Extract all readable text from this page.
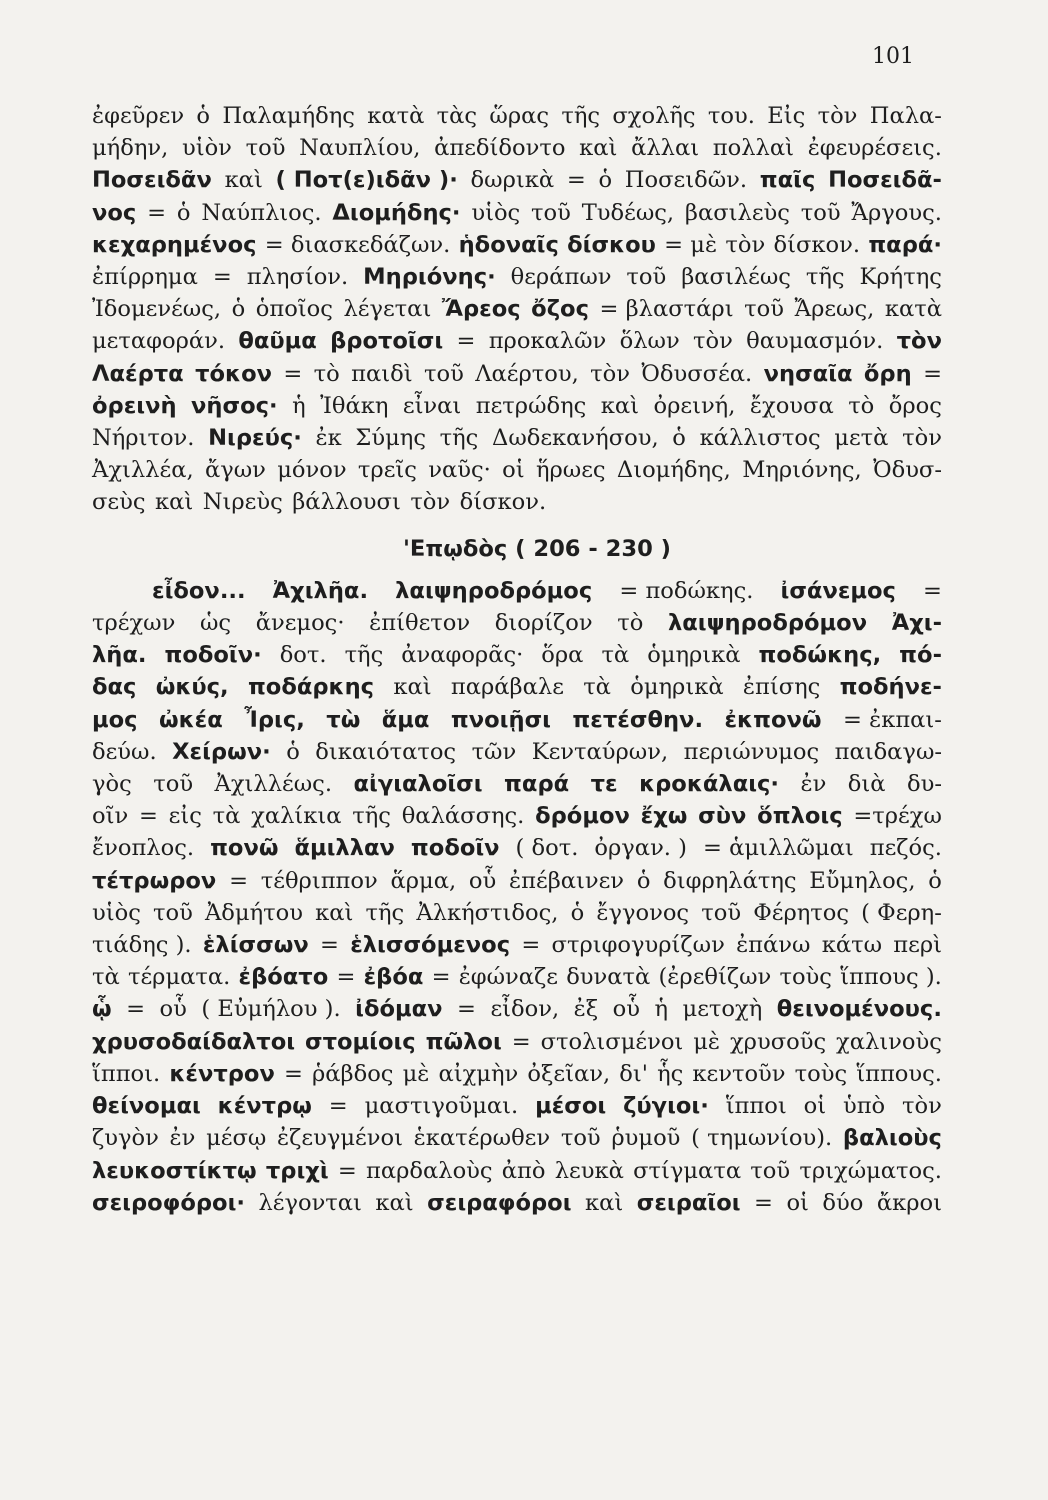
101
ἐφεῦρεν ὁ Παλαμήδης κατὰ τὰς ὥρας τῆς σχολῆς του. Εἰς τὸν Παλα-
μήδην, υἱὸν τοῦ Ναυπλίου, ἀπεδίδοντο καὶ ἄλλαι πολλαὶ ἐφευρέσεις.
Ποσειδᾶν καὶ ( Ποτ(ε)ιδᾶν )· δωρικὰ = ὁ Ποσειδῶν. παῖς Ποσειδᾶ-
νος = ὁ Ναύπλιος. Διομήδης· υἱὸς τοῦ Τυδέως, βασιλεὺς τοῦ Ἄργους.
κεχαρημένος = διασκεδάζων. ἡδοναῖς δίσκου = μὲ τὸν δίσκον. παρά·
ἐπίρρημα = πλησίον. Μηριόνης· θεράπων τοῦ βασιλέως τῆς Κρήτης
Ἰδομενέως, ὁ ὁποῖος λέγεται Ἄρεος ὄζος = βλαστάρι τοῦ Ἄρεως, κατὰ
μεταφοράν. θαῦμα βροτοῖσι = προκαλῶν ὅλων τὸν θαυμασμόν. τὸν
Λαέρτα τόκον = τὸ παιδὶ τοῦ Λαέρτου, τὸν Ὀδυσσέα. νησαῖα ὄρη =
ὀρεινὴ νῆσος· ἡ Ἰθάκη εἶναι πετρώδης καὶ ὀρεινή, ἔχουσα τὸ ὄρος
Νήριτον. Νιρεύς· ἐκ Σύμης τῆς Δωδεκανήσου, ὁ κάλλιστος μετὰ τὸν
Ἀχιλλέα, ἄγων μόνον τρεῖς ναῦς· οἱ ἥρωες Διομήδης, Μηριόνης, Ὀδυσ-
σεὺς καὶ Νιρεὺς βάλλουσι τὸν δίσκον.
'Επῳδὸς ( 206 - 230 )
εἶδον... Ἀχιλῆα. λαιψηροδρόμος = ποδώκης. ἰσάνεμος =
τρέχων ὡς ἄνεμος· ἐπίθετον διορίζον τὸ λαιψηροδρόμον Ἀχι-
λῆα. ποδοῖν· δοτ. τῆς ἀναφορᾶς· ὅρα τὰ ὁμηρικὰ ποδώκης, πό-
δας ὠκύς, ποδάρκης καὶ παράβαλε τὰ ὁμηρικὰ ἐπίσης ποδήνε-
μος ὠκέα Ἶρις, τὼ ἅμα πνοιῇσι πετέσθην. ἐκπονῶ = ἐκπαι-
δεύω. Χείρων· ὁ δικαιότατος τῶν Κενταύρων, περιώνυμος παιδαγω-
γὸς τοῦ Ἀχιλλέως. αἰγιαλοῖσι παρά τε κροκάλαις· ἐν διὰ δυ-
οῖν = εἰς τὰ χαλίκια τῆς θαλάσσης. δρόμον ἔχω σὺν ὅπλοις =τρέχω
ἔνοπλος. πονῶ ἅμιλλαν ποδοῖν ( δοτ. ὀργαν. ) = ἁμιλλῶμαι πεζός.
τέτρωρον = τέθριππον ἅρμα, οὗ ἐπέβαινεν ὁ διφρηλάτης Εὔμηλος, ὁ
υἱὸς τοῦ Ἀδμήτου καὶ τῆς Ἀλκήστιδος, ὁ ἔγγονος τοῦ Φέρητος ( Φερη-
τιάδης ). ἑλίσσων = ἑλισσόμενος = στριφογυρίζων ἐπάνω κάτω περὶ
τὰ τέρματα. ἐβόατο = ἐβόα = ἐφώναζε δυνατὰ (ἐρεθίζων τοὺς ἵππους ).
ᾧ = οὗ ( Εὐμήλου ). ἰδόμαν = εἶδον, ἐξ οὗ ἡ μετοχὴ θεινομένους.
χρυσοδαίδαλτοι στομίοις πῶλοι = στολισμένοι μὲ χρυσοῦς χαλινοὺς
ἵπποι. κέντρον = ῥάβδος μὲ αἰχμὴν ὀξεῖαν, δι' ἧς κεντοῦν τοὺς ἵππους.
θείνομαι κέντρῳ = μαστιγοῦμαι. μέσοι ζύγιοι· ἵπποι οἱ ὑπὸ τὸν
ζυγὸν ἐν μέσῳ ἐζευγμένοι ἑκατέρωθεν τοῦ ῥυμοῦ ( τημωνίου). βαλιοὺς
λευκοστίκτῳ τριχὶ = παρδαλοὺς ἀπὸ λευκὰ στίγματα τοῦ τριχώματος.
σειροφόροι· λέγονται καὶ σειραφόροι καὶ σειραῖοι = οἱ δύο ἄκροι
